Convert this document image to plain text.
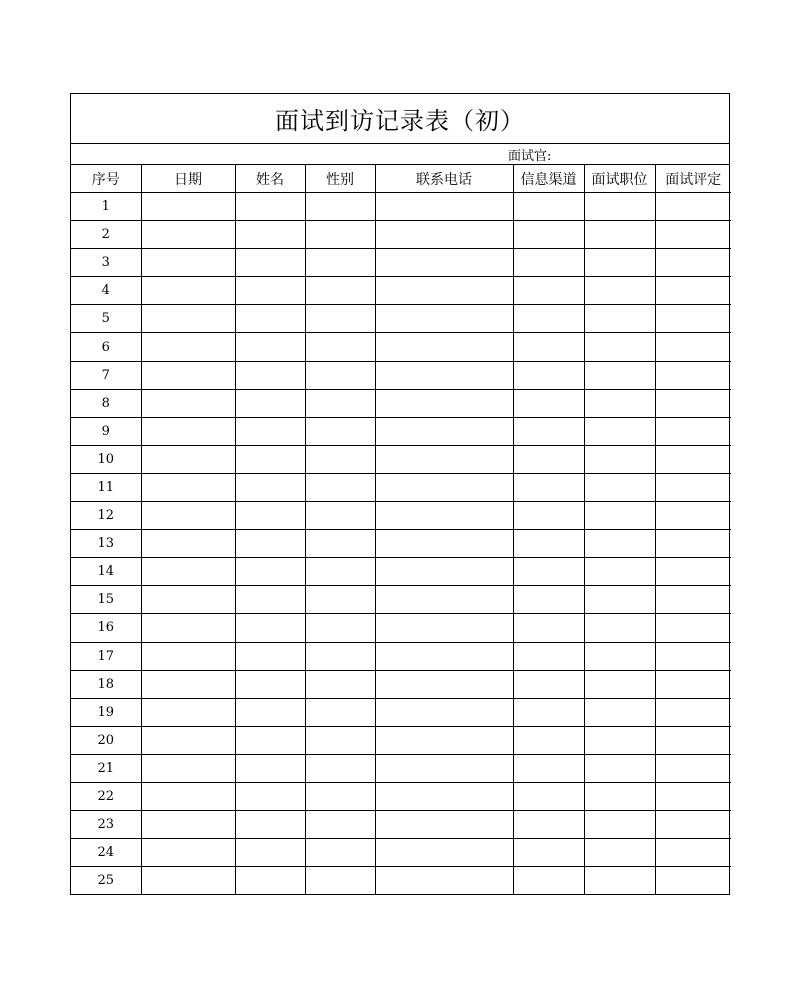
面试到访记录表（初）
面试官:
序号	日期	姓名	性别	联系电话	信息渠道	面试职位	面试评定
1							
2							
3							
4							
5							
6							
7							
8							
9							
10							
11							
12							
13							
14							
15							
16							
17							
18							
19							
20							
21							
22							
23							
24							
25							
